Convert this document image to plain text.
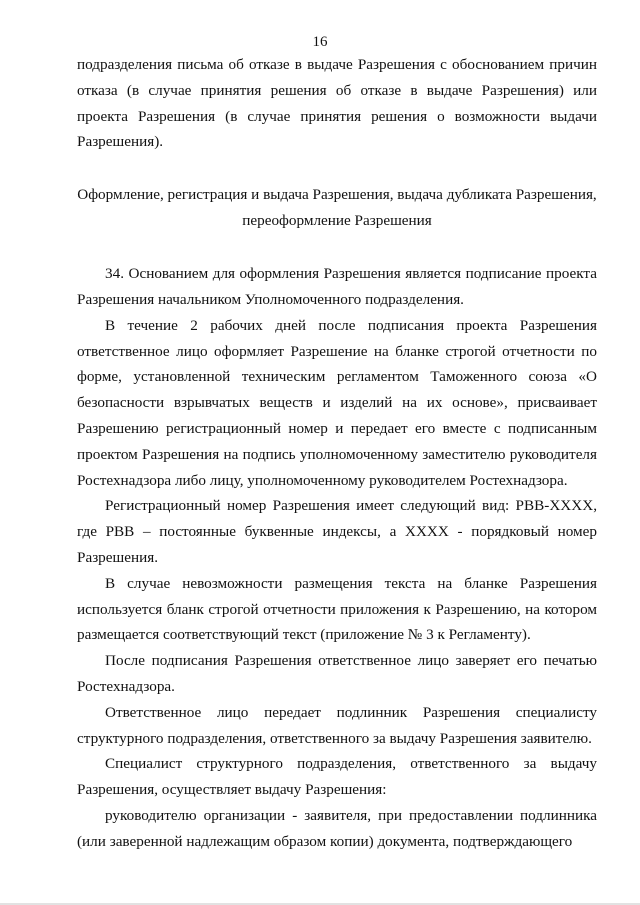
16

подразделения письма об отказе в выдаче Разрешения с обоснованием причин отказа (в случае принятия решения об отказе в выдаче Разрешения) или проекта Разрешения (в случае принятия решения о возможности выдачи Разрешения).

Оформление, регистрация и выдача Разрешения, выдача дубликата Разрешения,
переоформление Разрешения

34. Основанием для оформления Разрешения является подписание проекта Разрешения начальником Уполномоченного подразделения.

В течение 2 рабочих дней после подписания проекта Разрешения ответственное лицо оформляет Разрешение на бланке строгой отчетности по форме, установленной техническим регламентом Таможенного союза «О безопасности взрывчатых веществ и изделий на их основе», присваивает Разрешению регистрационный номер и передает его вместе с подписанным проектом Разрешения на подпись уполномоченному заместителю руководителя Ростехнадзора либо лицу, уполномоченному руководителем Ростехнадзора.

Регистрационный номер Разрешения имеет следующий вид: РВВ-XXXX, где РВВ – постоянные буквенные индексы, а XXXX - порядковый номер Разрешения.

В случае невозможности размещения текста на бланке Разрешения используется бланк строгой отчетности приложения к Разрешению, на котором размещается соответствующий текст (приложение № 3 к Регламенту).

После подписания Разрешения ответственное лицо заверяет его печатью Ростехнадзора.

Ответственное лицо передает подлинник Разрешения специалисту структурного подразделения, ответственного за выдачу Разрешения заявителю.

Специалист структурного подразделения, ответственного за выдачу Разрешения, осуществляет выдачу Разрешения:

руководителю организации - заявителя, при предоставлении подлинника (или заверенной надлежащим образом копии) документа, подтверждающего
